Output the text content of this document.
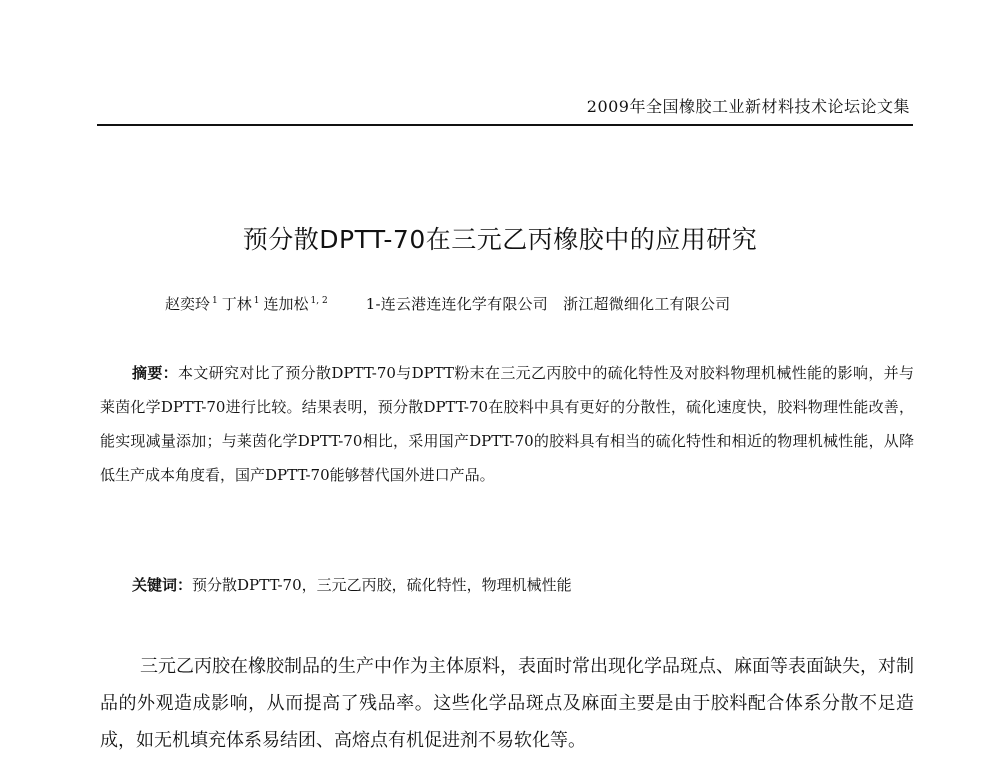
2009年全国橡胶工业新材料技术论坛论文集
预分散DPTT-70在三元乙丙橡胶中的应用研究
赵奕玲 $^1$ 丁林 $^1$ 连加松 $^{1, 2}$	1-连云港连连化学有限公司　浙江超微细化工有限公司

摘要：本文研究对比了预分散DPTT-70与DPTT粉末在三元乙丙胶中的硫化特性及对胶料物理机械性能的影响，并与莱茵化学DPTT-70进行比较。结果表明，预分散DPTT-70在胶料中具有更好的分散性，硫化速度快，胶料物理性能改善，能实现减量添加；与莱茵化学DPTT-70相比，采用国产DPTT-70的胶料具有相当的硫化特性和相近的物理机械性能，从降低生产成本角度看，国产DPTT-70能够替代国外进口产品。

关键词：预分散DPTT-70，三元乙丙胶，硫化特性，物理机械性能

三元乙丙胶在橡胶制品的生产中作为主体原料，表面时常出现化学品斑点、麻面等表面缺失，对制品的外观造成影响，从而提高了残品率。这些化学品斑点及麻面主要是由于胶料配合体系分散不足造成，如无机填充体系易结团、高熔点有机促进剂不易软化等。
